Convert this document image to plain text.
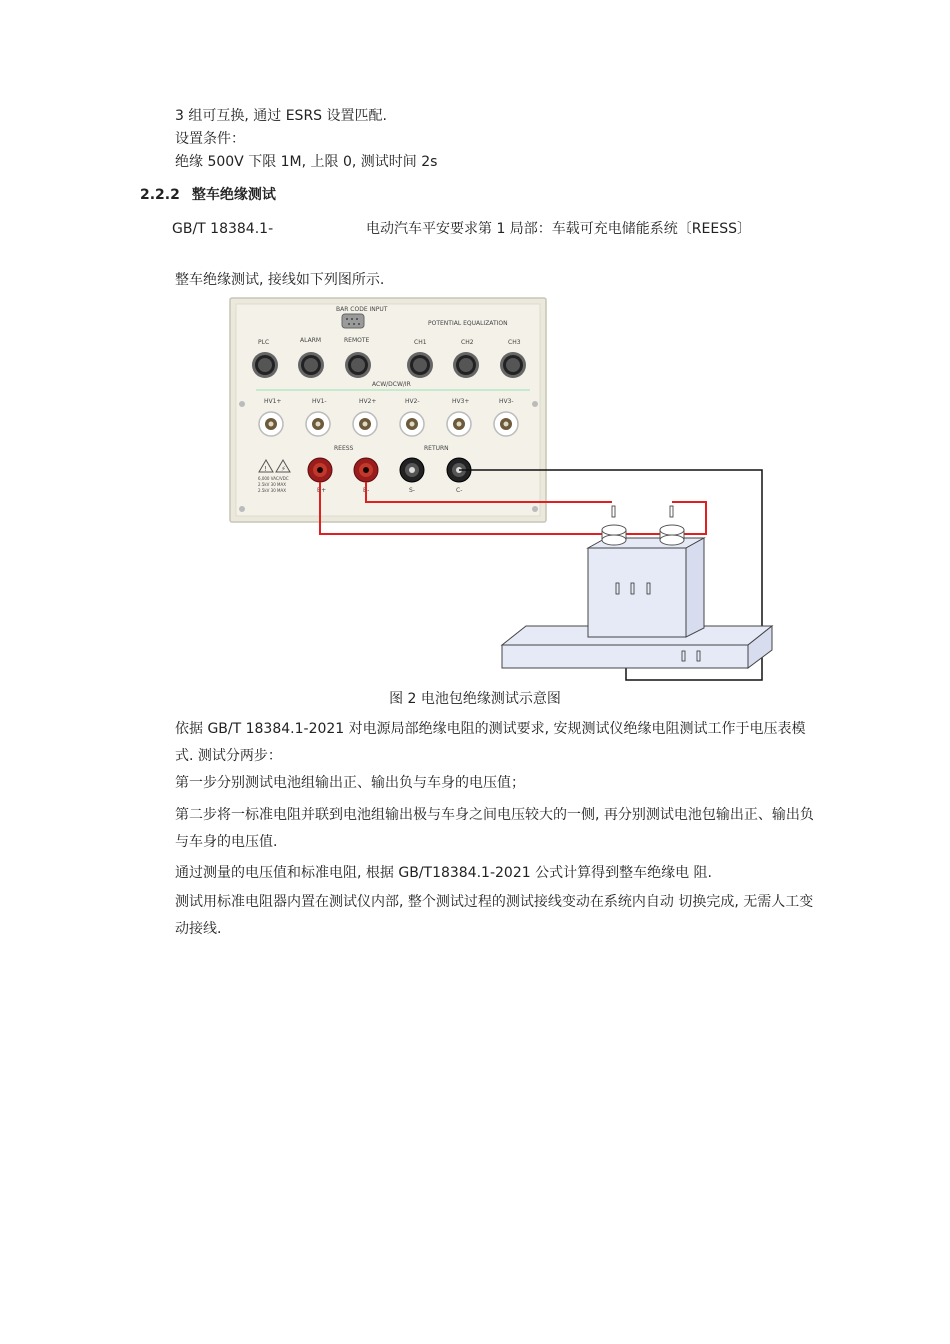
3 组可互换, 通过 ESRS 设置匹配.
设置条件：
绝缘 500V 下限 1M, 上限 0, 测试时间 2s
2.2.2 整车绝缘测试
GB/T 18384.1-	电动汽车平安要求第 1 局部：车载可充电储能系统〔REESS〕
整车绝缘测试, 接线如下列图所示.
BAR CODE INPUT
POTENTIAL EQUALIZATION
PLC	ALARM	REMOTE	CH1	CH2	CH3
ACW/DCW/IR
HV1+	HV1-	HV2+	HV2-	HV3+	HV3-
REESS	RETURN
! ⚡
6,000 VAC/VDC
2.5kV 30 MAX
2.5kV 30 MAX	B+	B-	S-	C-
图 2 电池包绝缘测试示意图
依据 GB/T 18384.1-2021 对电源局部绝缘电阻的测试要求, 安规测试仪绝缘电阻测试工作于电压表模式. 测试分两步：
第一步分别测试电池组输出正、输出负与车身的电压值；
第二步将一标准电阻并联到电池组输出极与车身之间电压较大的一侧, 再分别测试电池包输出正、输出负与车身的电压值.
通过测量的电压值和标准电阻, 根据 GB/T18384.1-2021 公式计算得到整车绝缘电 阻.
测试用标准电阻器内置在测试仪内部, 整个测试过程的测试接线变动在系统内自动 切换完成, 无需人工变动接线.
